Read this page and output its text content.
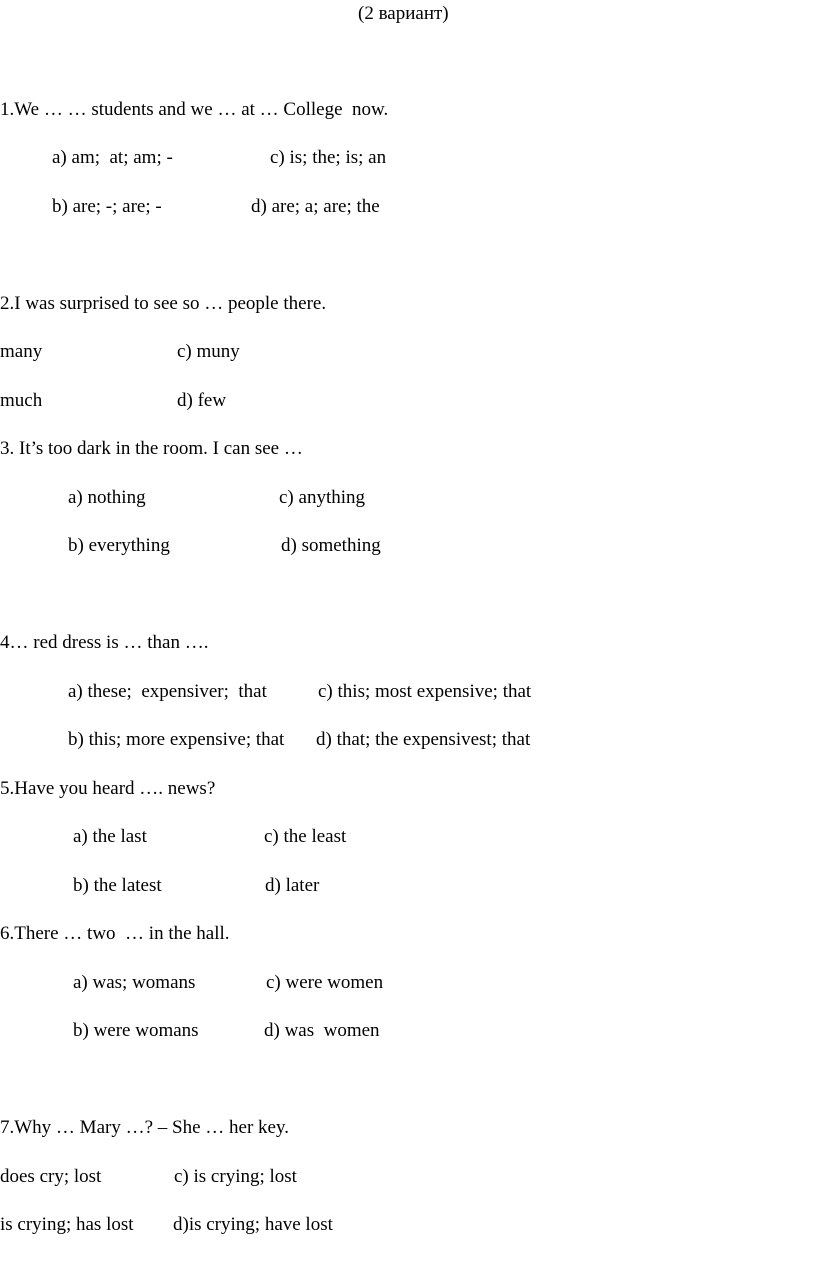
(2 вариант)
1.We … … students and we … at … College  now.
a) am;  at; am; -	c) is; the; is; an
b) are; -; are; -	d) are; a; are; the
2.I was surprised to see so … people there.
many	c) muny
much	d) few
3. It’s too dark in the room. I can see …
a) nothing	c) anything
b) everything	d) something
4… red dress is … than ….
a) these;  expensiver;  that	c) this; most expensive; that
b) this; more expensive; that d) that; the expensivest; that
5.Have you heard …. news?
a) the last	c) the least
b) the latest	d) later
6.There … two  … in the hall.
a) was; womans	c) were women
b) were womans	d) was  women
7.Why … Mary …? – She … her key.
does cry; lost	c) is crying; lost
is crying; has lost d)is crying; have lost
